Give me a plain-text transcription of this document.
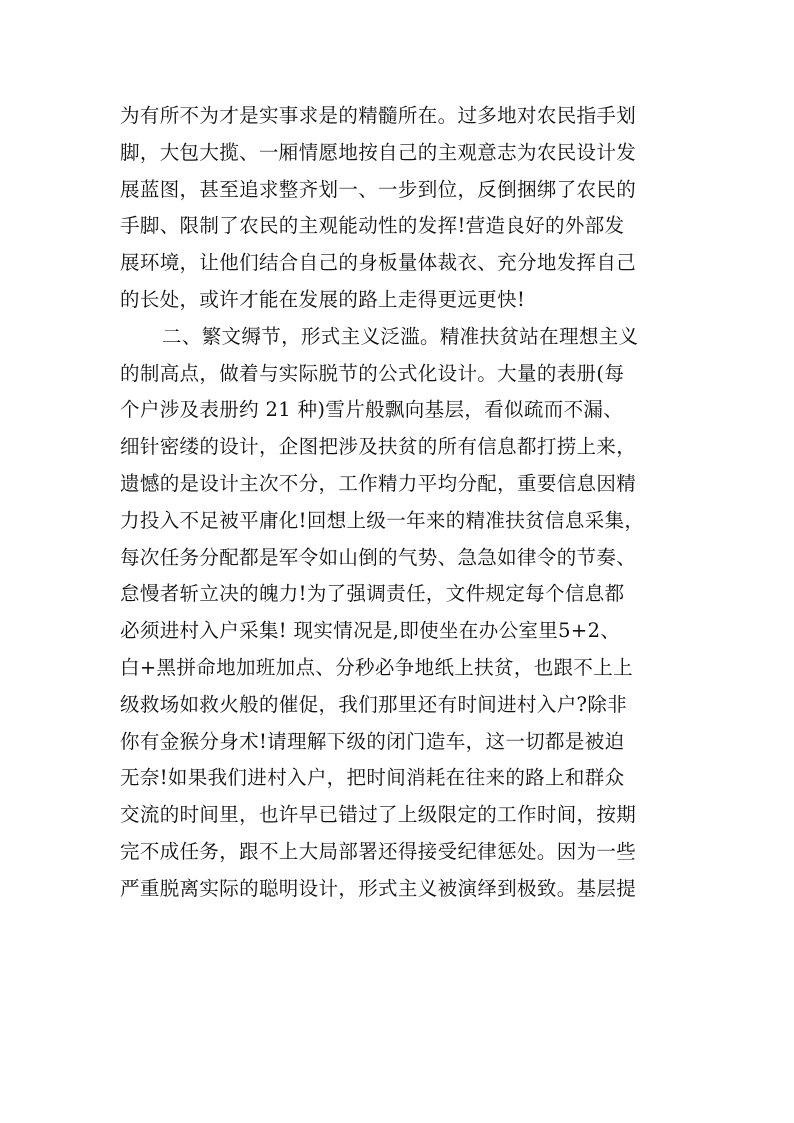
为有所不为才是实事求是的精髓所在。过多地对农民指手划
脚，大包大揽、一厢情愿地按自己的主观意志为农民设计发
展蓝图，甚至追求整齐划一、一步到位，反倒捆绑了农民的
手脚、限制了农民的主观能动性的发挥!营造良好的外部发
展环境，让他们结合自己的身板量体裁衣、充分地发挥自己
的长处，或许才能在发展的路上走得更远更快!
二、繁文缛节，形式主义泛滥。精准扶贫站在理想主义
的制高点，做着与实际脱节的公式化设计。大量的表册(每
个户涉及表册约 21 种)雪片般飘向基层，看似疏而不漏、
细针密缕的设计，企图把涉及扶贫的所有信息都打捞上来，
遗憾的是设计主次不分，工作精力平均分配，重要信息因精
力投入不足被平庸化!回想上级一年来的精准扶贫信息采集，
每次任务分配都是军令如山倒的气势、急急如律令的节奏、
怠慢者斩立决的魄力!为了强调责任，文件规定每个信息都
必须进村入户采集! 现实情况是,即使坐在办公室里5+2、
白+黑拼命地加班加点、分秒必争地纸上扶贫，也跟不上上
级救场如救火般的催促，我们那里还有时间进村入户?除非
你有金猴分身术!请理解下级的闭门造车，这一切都是被迫
无奈!如果我们进村入户，把时间消耗在往来的路上和群众
交流的时间里，也许早已错过了上级限定的工作时间，按期
完不成任务，跟不上大局部署还得接受纪律惩处。因为一些
严重脱离实际的聪明设计，形式主义被演绎到极致。基层提
